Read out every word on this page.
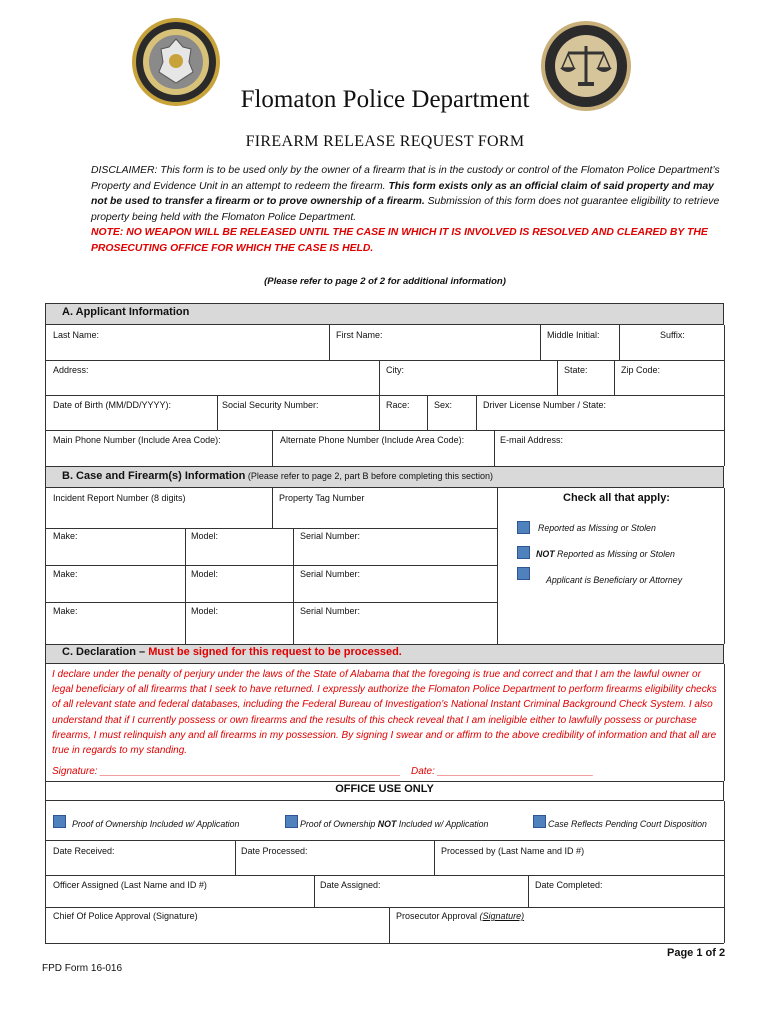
Flomaton Police Department
FIREARM RELEASE REQUEST FORM
DISCLAIMER: This form is to be used only by the owner of a firearm that is in the custody or control of the Flomaton Police Department’s Property and Evidence Unit in an attempt to redeem the firearm. This form exists only as an official claim of said property and may not be used to transfer a firearm or to prove ownership of a firearm. Submission of this form does not guarantee eligibility to retrieve property being held with the Flomaton Police Department.
NOTE: NO WEAPON WILL BE RELEASED UNTIL THE CASE IN WHICH IT IS INVOLVED IS RESOLVED AND CLEARED BY THE PROSECUTING OFFICE FOR WHICH THE CASE IS HELD.
(Please refer to page 2 of 2 for additional information)
A. Applicant Information
Last Name:	First Name:	Middle Initial:	Suffix:
Address:	City:	State:	Zip Code:
Date of Birth (MM/DD/YYYY):	Social Security Number:	Race:	Sex:	Driver License Number / State:
Main Phone Number (Include Area Code):	Alternate Phone Number (Include Area Code):	E-mail Address:
B. Case and Firearm(s) Information (Please refer to page 2, part B before completing this section)
Incident Report Number (8 digits)	Property Tag Number	Check all that apply:
Make:	Model:	Serial Number:
Make:	Model:	Serial Number:
Make:	Model:	Serial Number:
Reported as Missing or Stolen
NOT Reported as Missing or Stolen
Applicant is Beneficiary or Attorney
C. Declaration – Must be signed for this request to be processed.
I declare under the penalty of perjury under the laws of the State of Alabama that the foregoing is true and correct and that I am the lawful owner or legal beneficiary of all firearms that I seek to have returned. I expressly authorize the Flomaton Police Department to perform firearms eligibility checks of all relevant state and federal databases, including the Federal Bureau of Investigation’s National Instant Criminal Background Check System. I also understand that if I currently possess or own firearms and the results of this check reveal that I am ineligible either to lawfully possess or purchase firearms, I must relinquish any and all firearms in my possession. By signing I swear and or affirm to the above credibility of information and that all are true in regards to my standing.
Signature: ______________________________________________________ Date: ____________________________
OFFICE USE ONLY
Proof of Ownership Included w/ Application	Proof of Ownership NOT Included w/ Application	Case Reflects Pending Court Disposition
Date Received:	Date Processed:	Processed by (Last Name and ID #)
Officer Assigned (Last Name and ID #)	Date Assigned:	Date Completed:
Chief Of Police Approval (Signature)	Prosecutor Approval (Signature)
Page 1 of 2
FPD Form 16-016
